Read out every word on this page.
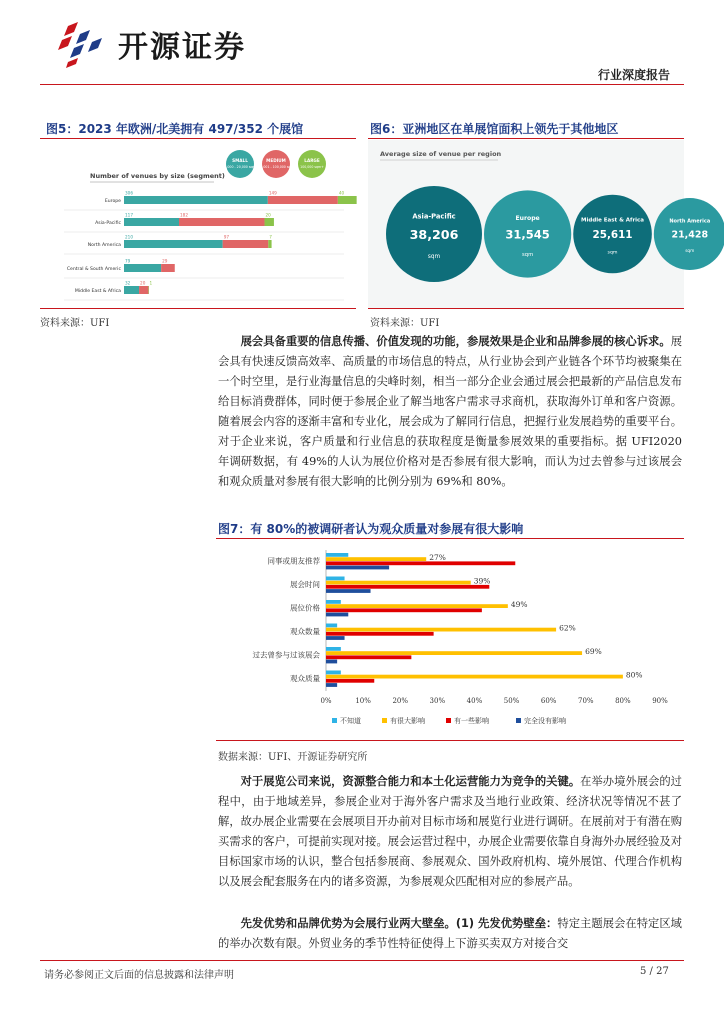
开源证券
行业深度报告
图5：2023 年欧洲/北美拥有 497/352 个展馆
Number of venues by size (segment)
SMALL
5,000 - 20,000 sqm
MEDIUM
20,001 - 100,000 sqm
LARGE
100,000 sqm+
Europe
306	149	40
Asia-Pacific
117	182	20
North America
210	97	7
Central & South Americ
79	29
Middle East & Africa
32 20 1
资料来源：UFI
图6：亚洲地区在单展馆面积上领先于其他地区
Average size of venue per region
Asia-Pacific
38,206
sqm
Europe
31,545
sqm
Middle East & Africa
25,611
sqm
North America
21,428
sqm
资料来源：UFI
展会具备重要的信息传播、价值发现的功能，参展效果是企业和品牌参展的核心诉求。展会具有快速反馈高效率、高质量的市场信息的特点，从行业协会到产业链各个环节均被聚集在一个时空里，是行业海量信息的尖峰时刻，相当一部分企业会通过展会把最新的产品信息发布给目标消费群体，同时便于参展企业了解当地客户需求寻求商机，获取海外订单和客户资源。随着展会内容的逐渐丰富和专业化，展会成为了解同行信息，把握行业发展趋势的重要平台。对于企业来说，客户质量和行业信息的获取程度是衡量参展效果的重要指标。据 UFI2020 年调研数据，有 49%的人认为展位价格对是否参展有很大影响，而认为过去曾参与过该展会和观众质量对参展有很大影响的比例分别为 69%和 80%。
图7：有 80%的被调研者认为观众质量对参展有很大影响
0%	10%	20%	30%	40%	50%	60%	70%	80%	90%
同事或朋友推荐	27%
展会时间	39%
展位价格	49%
观众数量	62%
过去曾参与过该展会	69%
观众质量	80%
不知道	有很大影响	有一些影响	完全没有影响
数据来源：UFI、开源证券研究所
对于展览公司来说，资源整合能力和本土化运营能力为竞争的关键。在举办境外展会的过程中，由于地域差异，参展企业对于海外客户需求及当地行业政策、经济状况等情况不甚了解，故办展企业需要在会展项目开办前对目标市场和展览行业进行调研。在展前对于有潜在购买需求的客户，可提前实现对接。展会运营过程中，办展企业需要依靠自身海外办展经验及对目标国家市场的认识，整合包括参展商、参展观众、国外政府机构、境外展馆、代理合作机构以及展会配套服务在内的诸多资源，为参展观众匹配相对应的参展产品。
先发优势和品牌优势为会展行业两大壁垒。(1) 先发优势壁垒：特定主题展会在特定区域的举办次数有限。外贸业务的季节性特征使得上下游买卖双方对接合交
请务必参阅正文后面的信息披露和法律声明	5 / 27
